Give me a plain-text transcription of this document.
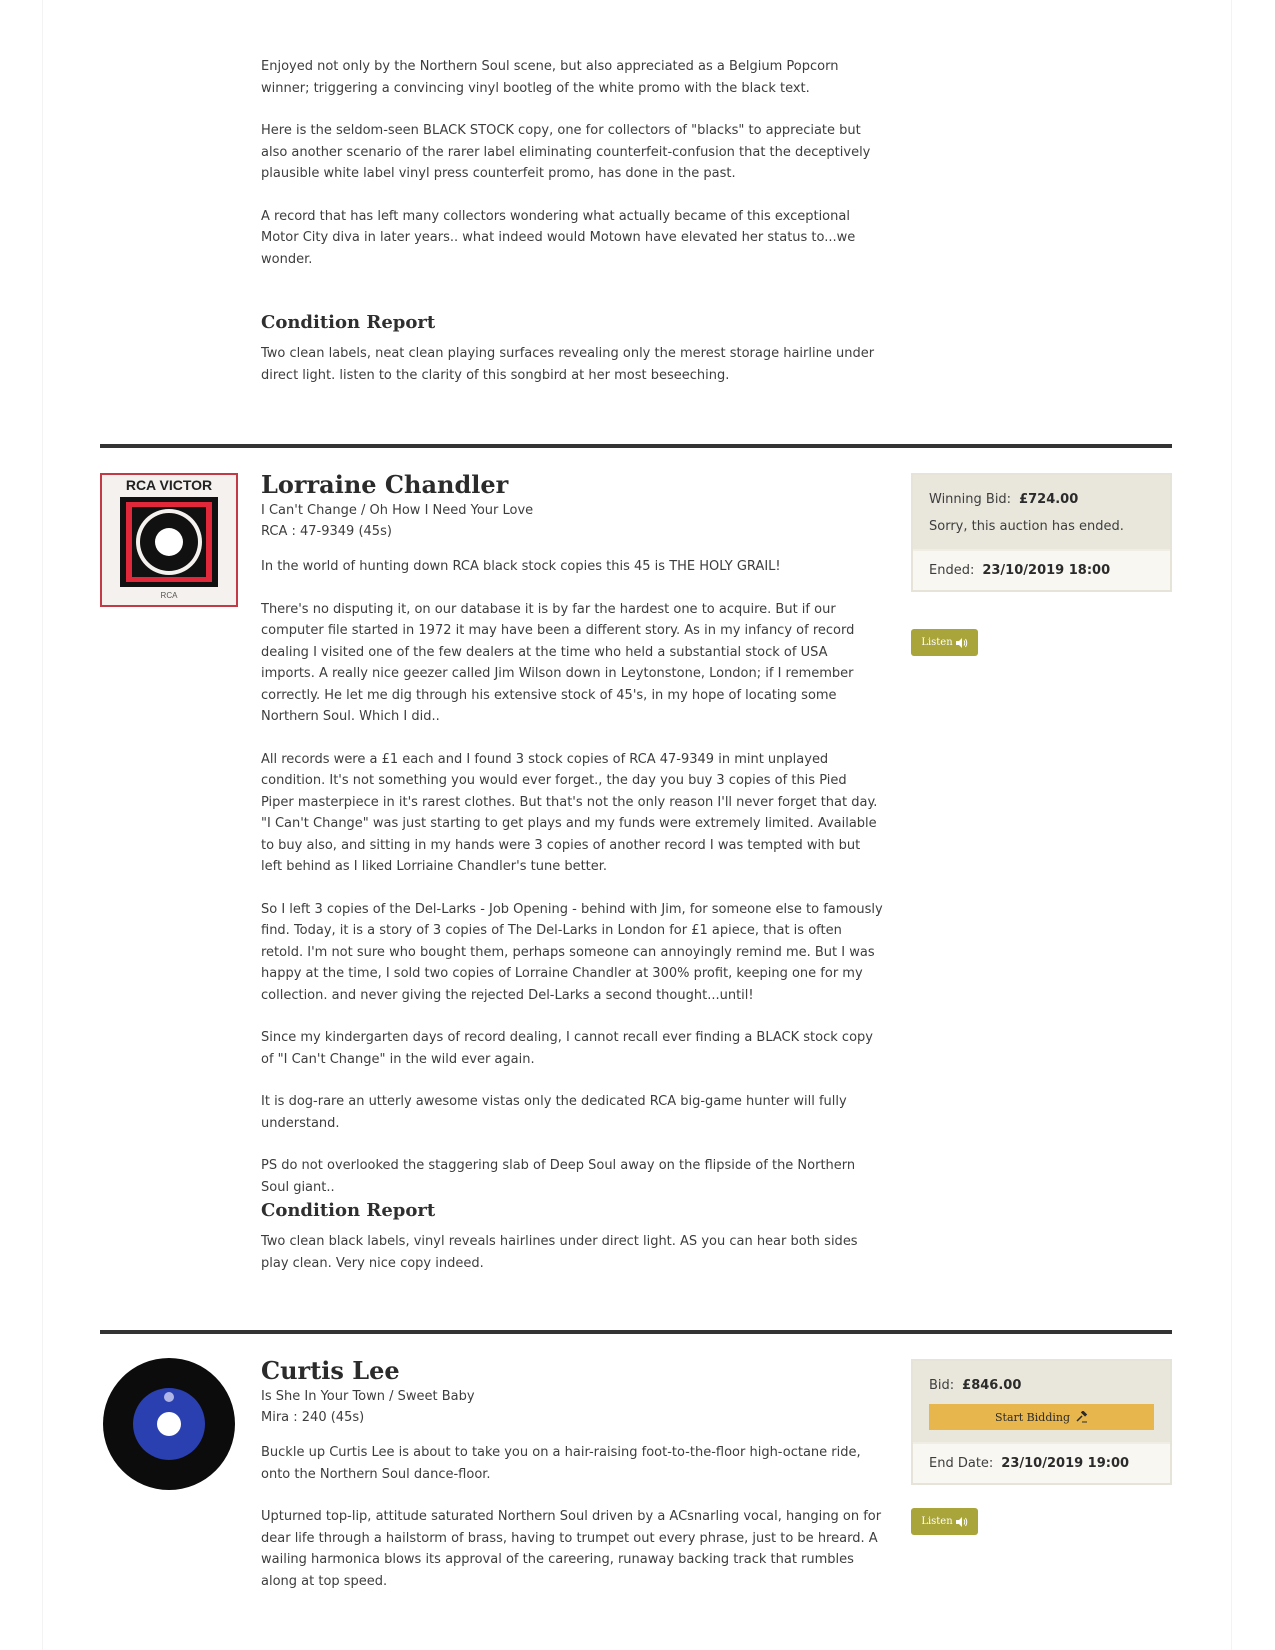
Enjoyed not only by the Northern Soul scene, but also appreciated as a Belgium Popcorn winner; triggering a convincing vinyl bootleg of the white promo with the black text.

Here is the seldom-seen BLACK STOCK copy, one for collectors of "blacks" to appreciate but also another scenario of the rarer label eliminating counterfeit-confusion that the deceptively plausible white label vinyl press counterfeit promo, has done in the past.

A record that has left many collectors wondering what actually became of this exceptional Motor City diva in later years.. what indeed would Motown have elevated her status to...we wonder.

Condition Report

Two clean labels, neat clean playing surfaces revealing only the merest storage hairline under direct light. listen to the clarity of this songbird at her most beseeching.

RCA VICTOR
RCA
Lorraine Chandler
I Can't Change / Oh How I Need Your Love
RCA : 47-9349 (45s)

In the world of hunting down RCA black stock copies this 45 is THE HOLY GRAIL!

There's no disputing it, on our database it is by far the hardest one to acquire. But if our computer file started in 1972 it may have been a different story. As in my infancy of record dealing I visited one of the few dealers at the time who held a substantial stock of USA imports. A really nice geezer called Jim Wilson down in Leytonstone, London; if I remember correctly. He let me dig through his extensive stock of 45's, in my hope of locating some Northern Soul. Which I did..

All records were a £1 each and I found 3 stock copies of RCA 47-9349 in mint unplayed condition. It's not something you would ever forget., the day you buy 3 copies of this Pied Piper masterpiece in it's rarest clothes. But that's not the only reason I'll never forget that day. "I Can't Change" was just starting to get plays and my funds were extremely limited. Available to buy also, and sitting in my hands were 3 copies of another record I was tempted with but left behind as I liked Lorriaine Chandler's tune better.

So I left 3 copies of the Del-Larks - Job Opening - behind with Jim, for someone else to famously find. Today, it is a story of 3 copies of The Del-Larks in London for £1 apiece, that is often retold. I'm not sure who bought them, perhaps someone can annoyingly remind me. But I was happy at the time, I sold two copies of Lorraine Chandler at 300% profit, keeping one for my collection. and never giving the rejected Del-Larks a second thought...until!

Since my kindergarten days of record dealing, I cannot recall ever finding a BLACK stock copy of "I Can't Change" in the wild ever again.

It is dog-rare an utterly awesome vistas only the dedicated RCA big-game hunter will fully understand.

PS do not overlooked the staggering slab of Deep Soul away on the flipside of the Northern Soul giant..

Condition Report

Two clean black labels, vinyl reveals hairlines under direct light. AS you can hear both sides play clean. Very nice copy indeed.

Winning Bid: £724.00
Sorry, this auction has ended.
Ended: 23/10/2019 18:00
Listen
Curtis Lee
Is She In Your Town / Sweet Baby
Mira : 240 (45s)

Buckle up Curtis Lee is about to take you on a hair-raising foot-to-the-floor high-octane ride, onto the Northern Soul dance-floor.

Upturned top-lip, attitude saturated Northern Soul driven by a ACsnarling vocal, hanging on for dear life through a hailstorm of brass, having to trumpet out every phrase, just to be hreard. A wailing harmonica blows its approval of the careering, runaway backing track that rumbles along at top speed.

Bid: £846.00
Start Bidding
End Date: 23/10/2019 19:00
Listen
